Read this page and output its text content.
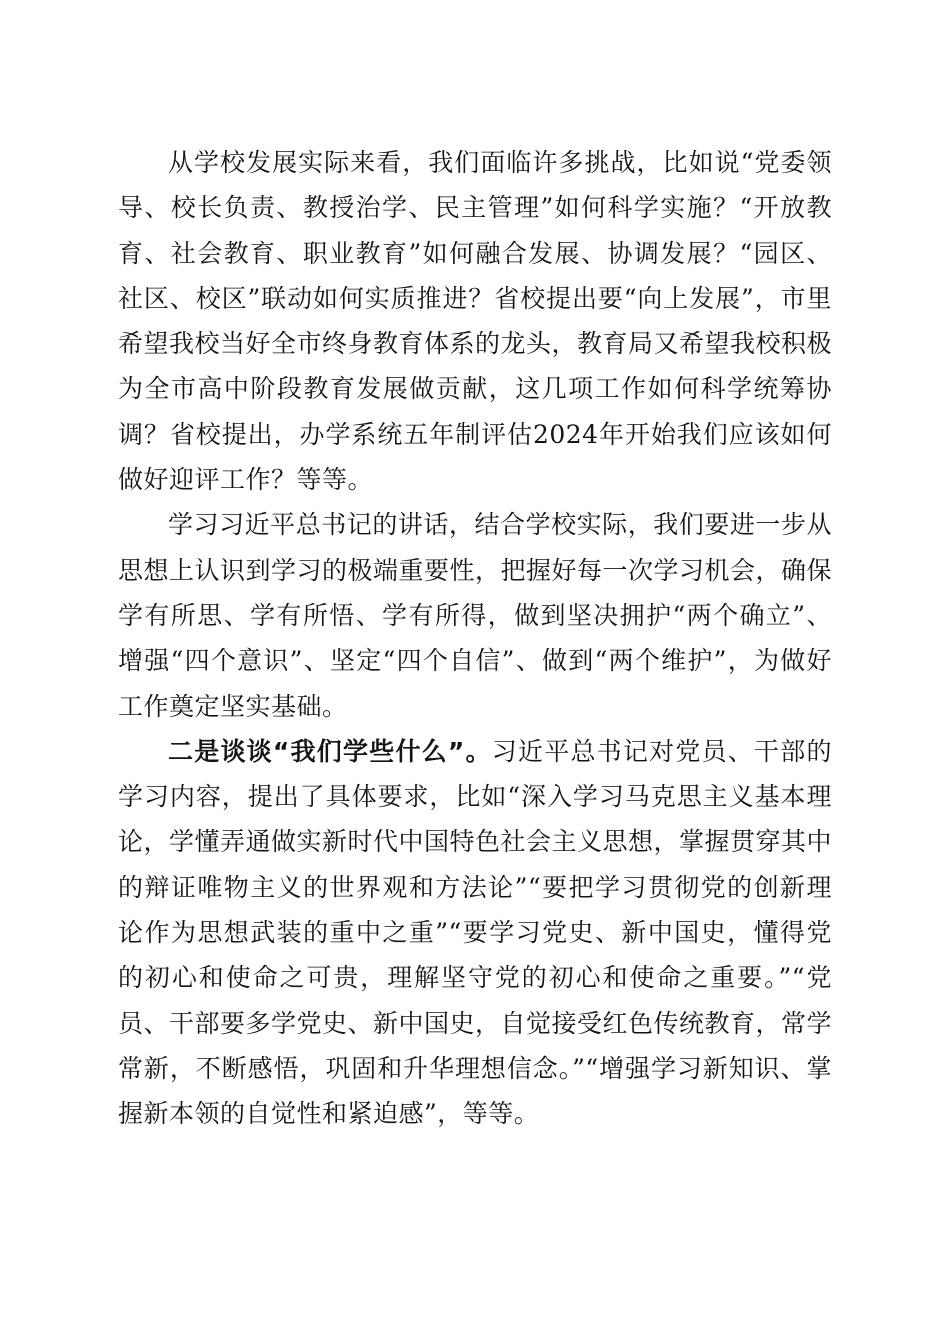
从学校发展实际来看，我们面临许多挑战，比如说“党委领导、校长负责、教授治学、民主管理”如何科学实施？“开放教育、社会教育、职业教育”如何融合发展、协调发展？“园区、社区、校区”联动如何实质推进？省校提出要“向上发展”，市里希望我校当好全市终身教育体系的龙头，教育局又希望我校积极为全市高中阶段教育发展做贡献，这几项工作如何科学统筹协调？省校提出，办学系统五年制评估2024年开始我们应该如何做好迎评工作？等等。

学习习近平总书记的讲话，结合学校实际，我们要进一步从思想上认识到学习的极端重要性，把握好每一次学习机会，确保学有所思、学有所悟、学有所得，做到坚决拥护“两个确立”、增强“四个意识”、坚定“四个自信”、做到“两个维护”，为做好工作奠定坚实基础。

二是谈谈“我们学些什么”。习近平总书记对党员、干部的学习内容，提出了具体要求，比如“深入学习马克思主义基本理论，学懂弄通做实新时代中国特色社会主义思想，掌握贯穿其中的辩证唯物主义的世界观和方法论”“要把学习贯彻党的创新理论作为思想武装的重中之重”“要学习党史、新中国史，懂得党的初心和使命之可贵，理解坚守党的初心和使命之重要。”“党员、干部要多学党史、新中国史，自觉接受红色传统教育，常学常新，不断感悟，巩固和升华理想信念。”“增强学习新知识、掌握新本领的自觉性和紧迫感”，等等。
